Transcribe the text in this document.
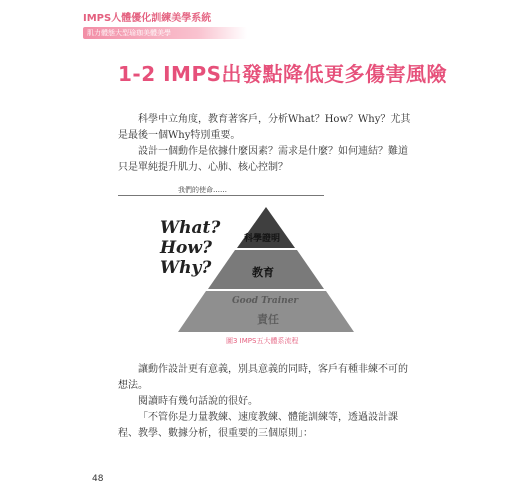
IMPS人體優化訓練美學系統
肌力體態大型瑜珈美體美學
1-2 IMPS出發點降低更多傷害風險

科學中立角度，教育著客戶，分析What？How？Why？尤其是最後一個Why特別重要。

設計一個動作是依據什麼因素？需求是什麼？如何連結？難道只是單純提升肌力、心肺、核心控制？

我們的使命……
What?
How?
Why?
科學證明
教育
Good Trainer
責任
圖3 IMPS五大體系流程

讓動作設計更有意義，別具意義的同時，客戶有種非練不可的想法。

閱讀時有幾句話說的很好。

「不管你是力量教練、速度教練、體能訓練等，透過設計課程、教學、數據分析，很重要的三個原則」：

48
